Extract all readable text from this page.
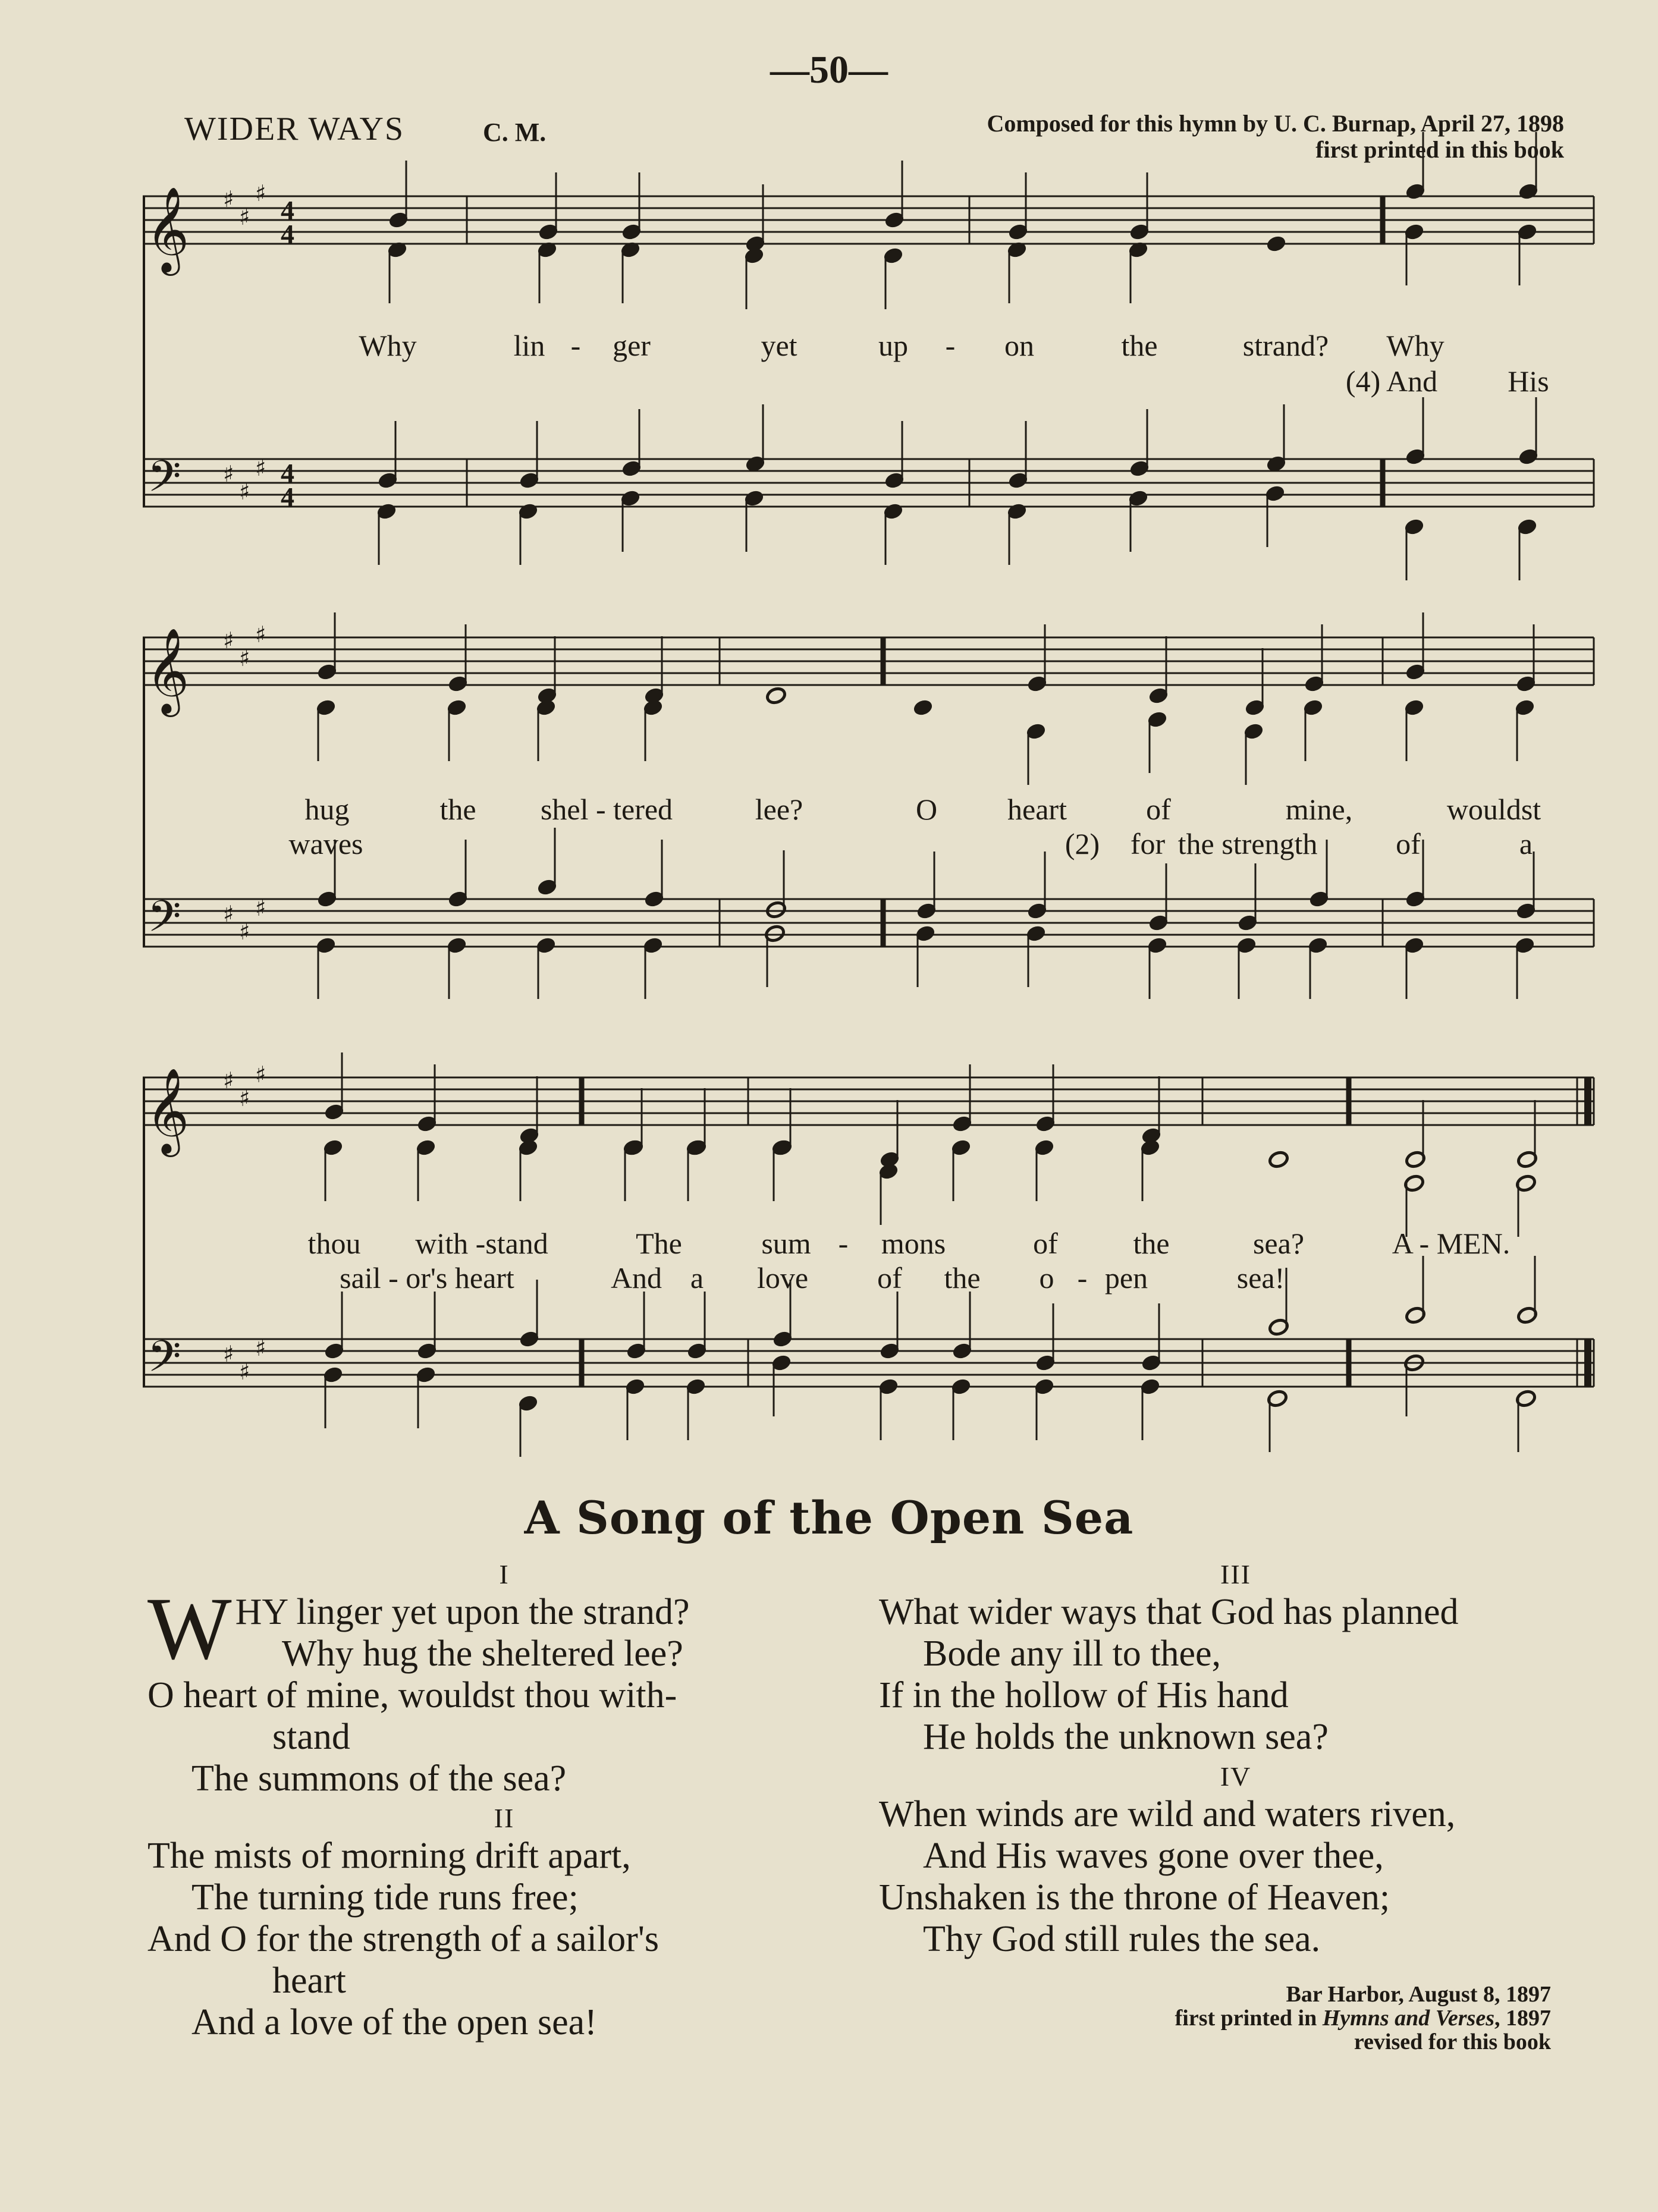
—50—
WIDER WAYS	C. M.	Composed for this hymn by U. C. Burnap, April 27, 1898
first printed in this book
𝄞 ♯
♯
♯
4
4
𝄢 ♯
♯
♯ 4
4
Why	lin - ger	yet	up - on	the	strand? Why
(4) And His
𝄞 ♯
♯
♯
𝄢 ♯
♯
♯
hug	the shel - tered	lee?	O heart	of	mine,	wouldst
waves	(2) for the strength	of	a
𝄞 ♯
♯
♯
𝄢 ♯
♯
♯
thou with -stand	The	sum - mons	of	the	sea?	A - MEN.
sail - or's heart	And a love of the o - pen	sea!
A Song of the Open Sea
I
WHY linger yet upon the strand?
Why hug the sheltered lee?
O heart of mine, wouldst thou with-
stand
The summons of the sea?
II
The mists of morning drift apart,
The turning tide runs free;
And O for the strength of a sailor's
heart
And a love of the open sea!
III
What wider ways that God has planned
Bode any ill to thee,
If in the hollow of His hand
He holds the unknown sea?
IV
When winds are wild and waters riven,
And His waves gone over thee,
Unshaken is the throne of Heaven;
Thy God still rules the sea.
Bar Harbor, August 8, 1897
first printed in Hymns and Verses, 1897
revised for this book
